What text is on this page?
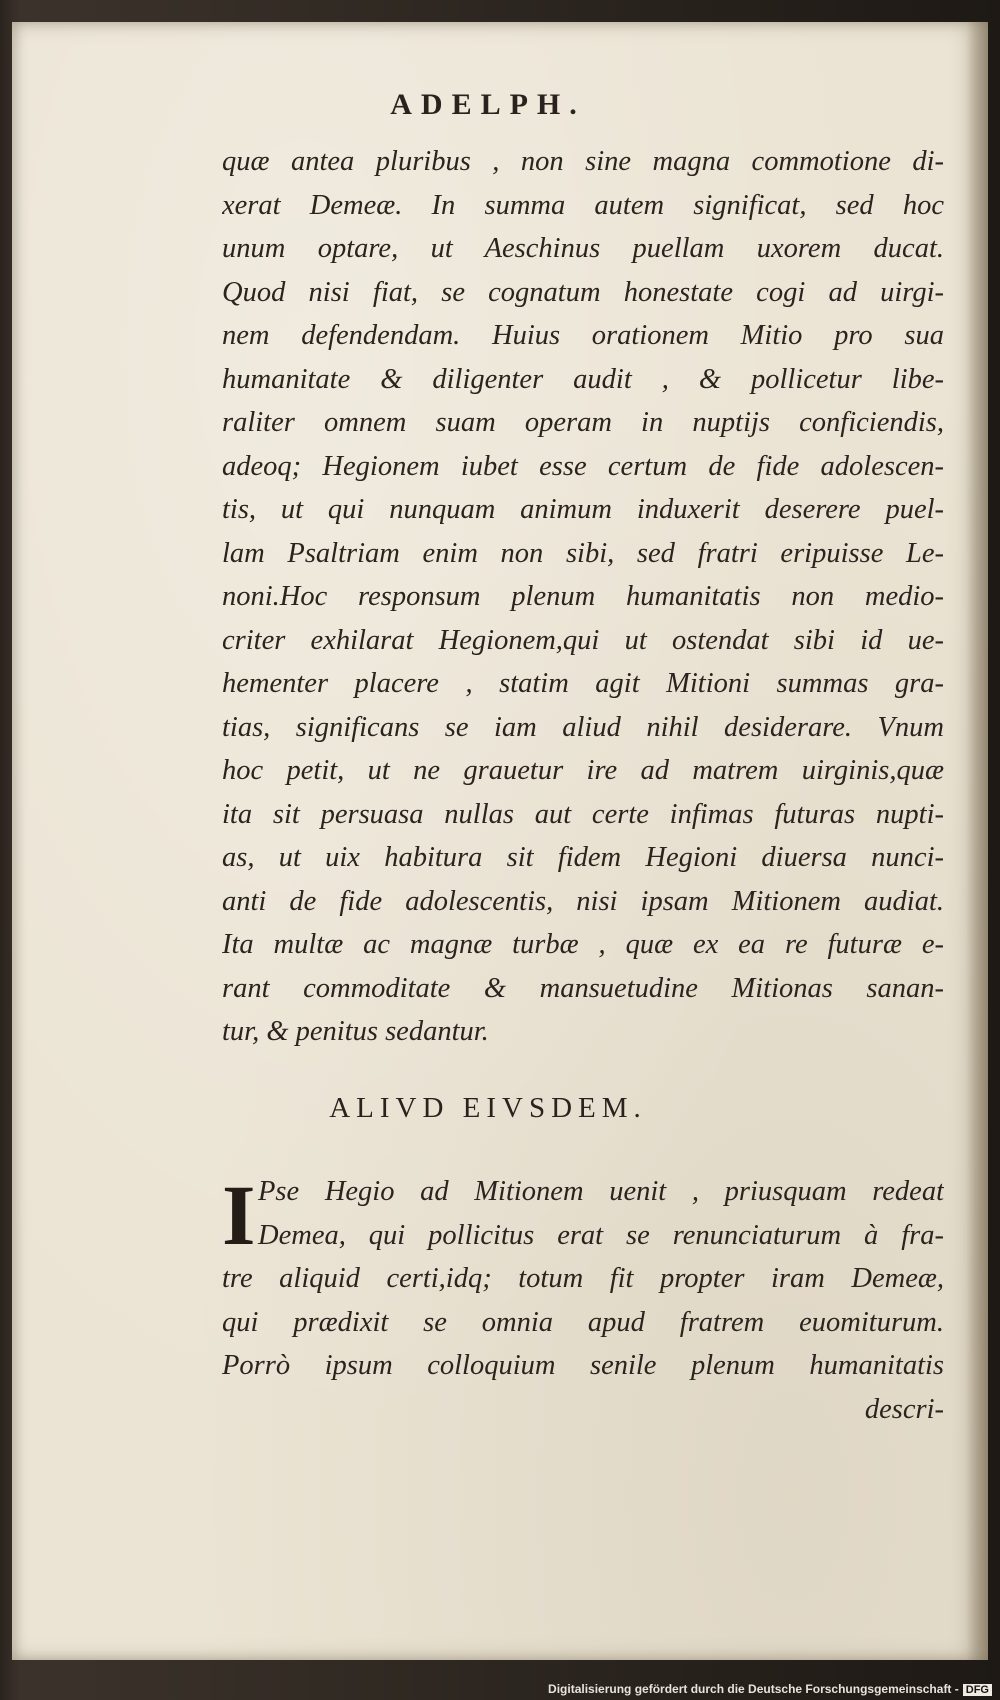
ADELPH.
quæ antea pluribus , non sine magna commotione di-
xerat Demeæ. In summa autem significat, sed hoc
unum optare, ut Aeschinus puellam uxorem ducat.
Quod nisi fiat, se cognatum honestate cogi ad uirgi-
nem defendendam. Huius orationem Mitio pro sua
humanitate & diligenter audit , & pollicetur libe-
raliter omnem suam operam in nuptijs conficiendis,
adeoq; Hegionem iubet esse certum de fide adolescen-
tis, ut qui nunquam animum induxerit deserere puel-
lam Psaltriam enim non sibi, sed fratri eripuisse Le-
noni.Hoc responsum plenum humanitatis non medio-
criter exhilarat Hegionem,qui ut ostendat sibi id ue-
hementer placere , statim agit Mitioni summas gra-
tias, significans se iam aliud nihil desiderare. Vnum
hoc petit, ut ne grauetur ire ad matrem uirginis,quæ
ita sit persuasa nullas aut certe infimas futuras nupti-
as, ut uix habitura sit fidem Hegioni diuersa nunci-
anti de fide adolescentis, nisi ipsam Mitionem audiat.
Ita multæ ac magnæ turbæ , quæ ex ea re futuræ e-
rant commoditate & mansuetudine Mitionas sanan-
tur, & penitus sedantur.
ALIVD EIVSDEM.
I Pse Hegio ad Mitionem uenit , priusquam redeat
Demea, qui pollicitus erat se renunciaturum à fra-
tre aliquid certi,idq; totum fit propter iram Demeæ,
qui prædixit se omnia apud fratrem euomiturum.
Porrò ipsum colloquium senile plenum humanitatis
descri-
Digitalisierung gefördert durch die Deutsche Forschungsgemeinschaft - DFG
